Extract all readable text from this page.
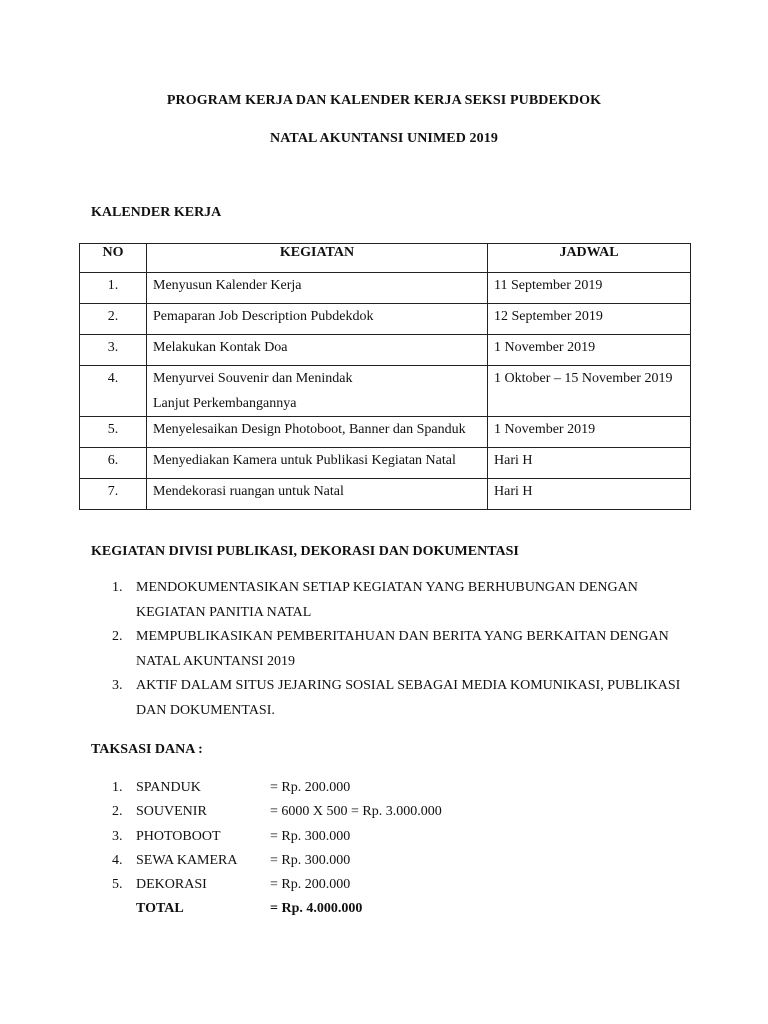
PROGRAM KERJA DAN KALENDER KERJA SEKSI PUBDEKDOK
NATAL AKUNTANSI UNIMED 2019
KALENDER KERJA
NO	KEGIATAN	JADWAL
1.	Menyusun Kalender Kerja	11 September 2019
2.	Pemaparan Job Description Pubdekdok	12 September 2019
3.	Melakukan Kontak Doa	1 November 2019
4.	Menyurvei Souvenir dan Menindak Lanjut Perkembangannya	1 Oktober – 15 November 2019
5.	Menyelesaikan Design Photoboot, Banner dan Spanduk	1 November 2019
6.	Menyediakan Kamera untuk Publikasi Kegiatan Natal	Hari H
7.	Mendekorasi ruangan untuk Natal	Hari H
KEGIATAN DIVISI PUBLIKASI, DEKORASI DAN DOKUMENTASI
1. MENDOKUMENTASIKAN SETIAP KEGIATAN YANG BERHUBUNGAN DENGAN KEGIATAN PANITIA NATAL
2. MEMPUBLIKASIKAN PEMBERITAHUAN DAN BERITA YANG BERKAITAN DENGAN NATAL AKUNTANSI 2019
3. AKTIF DALAM SITUS JEJARING SOSIAL SEBAGAI MEDIA KOMUNIKASI, PUBLIKASI DAN DOKUMENTASI.
TAKSASI DANA :
1. SPANDUK	= Rp. 200.000
2. SOUVENIR	= 6000 X 500 = Rp. 3.000.000
3. PHOTOBOOT	= Rp. 300.000
4. SEWA KAMERA = Rp. 300.000
5. DEKORASI	= Rp. 200.000
TOTAL	= Rp. 4.000.000
